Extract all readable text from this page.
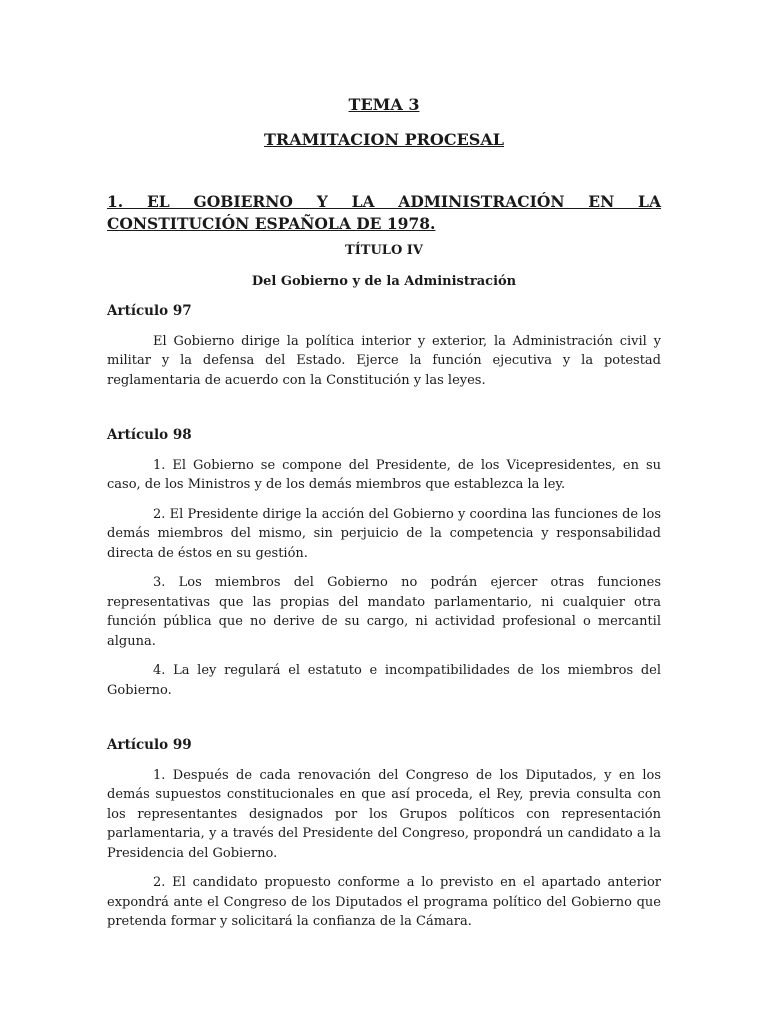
TEMA 3
TRAMITACION PROCESAL
1. EL GOBIERNO Y LA ADMINISTRACIÓN EN LA CONSTITUCIÓN ESPAÑOLA DE 1978.
TÍTULO IV
Del Gobierno y de la Administración
Artículo 97

El Gobierno dirige la política interior y exterior, la Administración civil y militar y la defensa del Estado. Ejerce la función ejecutiva y la potestad reglamentaria de acuerdo con la Constitución y las leyes.

Artículo 98

1. El Gobierno se compone del Presidente, de los Vicepresidentes, en su caso, de los Ministros y de los demás miembros que establezca la ley.

2. El Presidente dirige la acción del Gobierno y coordina las funciones de los demás miembros del mismo, sin perjuicio de la competencia y responsabilidad directa de éstos en su gestión.

3. Los miembros del Gobierno no podrán ejercer otras funciones representativas que las propias del mandato parlamentario, ni cualquier otra función pública que no derive de su cargo, ni actividad profesional o mercantil alguna.

4. La ley regulará el estatuto e incompatibilidades de los miembros del Gobierno.

Artículo 99

1. Después de cada renovación del Congreso de los Diputados, y en los demás supuestos constitucionales en que así proceda, el Rey, previa consulta con los representantes designados por los Grupos políticos con representación parlamentaria, y a través del Presidente del Congreso, propondrá un candidato a la Presidencia del Gobierno.

2. El candidato propuesto conforme a lo previsto en el apartado anterior expondrá ante el Congreso de los Diputados el programa político del Gobierno que pretenda formar y solicitará la confianza de la Cámara.
